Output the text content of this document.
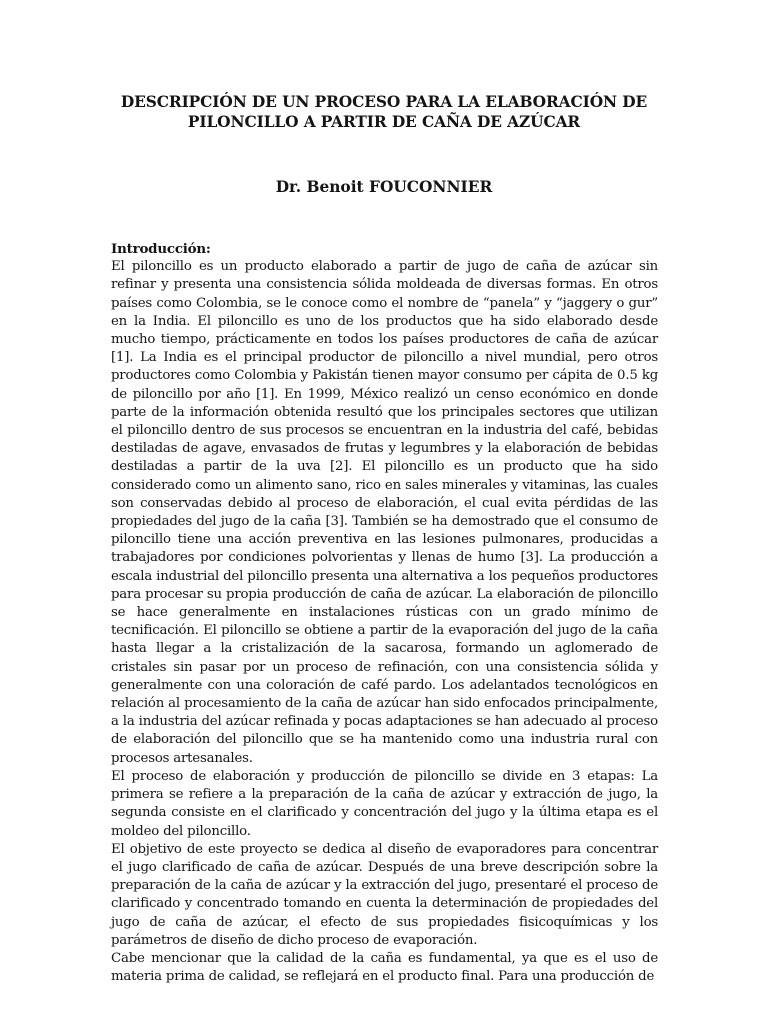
DESCRIPCIÓN DE UN PROCESO PARA LA ELABORACIÓN DE PILONCILLO A PARTIR DE CAÑA DE AZÚCAR

Dr. Benoit FOUCONNIER

Introducción:

El piloncillo es un producto elaborado a partir de jugo de caña de azúcar sin refinar y presenta una consistencia sólida moldeada de diversas formas. En otros países como Colombia, se le conoce como el nombre de “panela” y “jaggery o gur” en la India. El piloncillo es uno de los productos que ha sido elaborado desde mucho tiempo, prácticamente en todos los países productores de caña de azúcar [1]. La India es el principal productor de piloncillo a nivel mundial, pero otros productores como Colombia y Pakistán tienen mayor consumo per cápita de 0.5 kg de piloncillo por año [1]. En 1999, México realizó un censo económico en donde parte de la información obtenida resultó que los principales sectores que utilizan el piloncillo dentro de sus procesos se encuentran en la industria del café, bebidas destiladas de agave, envasados de frutas y legumbres y la elaboración de bebidas destiladas a partir de la uva [2]. El piloncillo es un producto que ha sido considerado como un alimento sano, rico en sales minerales y vitaminas, las cuales son conservadas debido al proceso de elaboración, el cual evita pérdidas de las propiedades del jugo de la caña [3]. También se ha demostrado que el consumo de piloncillo tiene una acción preventiva en las lesiones pulmonares, producidas a trabajadores por condiciones polvorientas y llenas de humo [3]. La producción a escala industrial del piloncillo presenta una alternativa a los pequeños productores para procesar su propia producción de caña de azúcar. La elaboración de piloncillo se hace generalmente en instalaciones rústicas con un grado mínimo de tecnificación. El piloncillo se obtiene a partir de la evaporación del jugo de la caña hasta llegar a la cristalización de la sacarosa, formando un aglomerado de cristales sin pasar por un proceso de refinación, con una consistencia sólida y generalmente con una coloración de café pardo. Los adelantados tecnológicos en relación al procesamiento de la caña de azúcar han sido enfocados principalmente, a la industria del azúcar refinada y pocas adaptaciones se han adecuado al proceso de elaboración del piloncillo que se ha mantenido como una industria rural con procesos artesanales.

El proceso de elaboración y producción de piloncillo se divide en 3 etapas: La primera se refiere a la preparación de la caña de azúcar y extracción de jugo, la segunda consiste en el clarificado y concentración del jugo y la última etapa es el moldeo del piloncillo.

El objetivo de este proyecto se dedica al diseño de evaporadores para concentrar el jugo clarificado de caña de azúcar. Después de una breve descripción sobre la preparación de la caña de azúcar y la extracción del jugo, presentaré el proceso de clarificado y concentrado tomando en cuenta la determinación de propiedades del jugo de caña de azúcar, el efecto de sus propiedades fisicoquímicas y los parámetros de diseño de dicho proceso de evaporación.

Cabe mencionar que la calidad de la caña es fundamental, ya que es el uso de materia prima de calidad, se reflejará en el producto final. Para una producción de
